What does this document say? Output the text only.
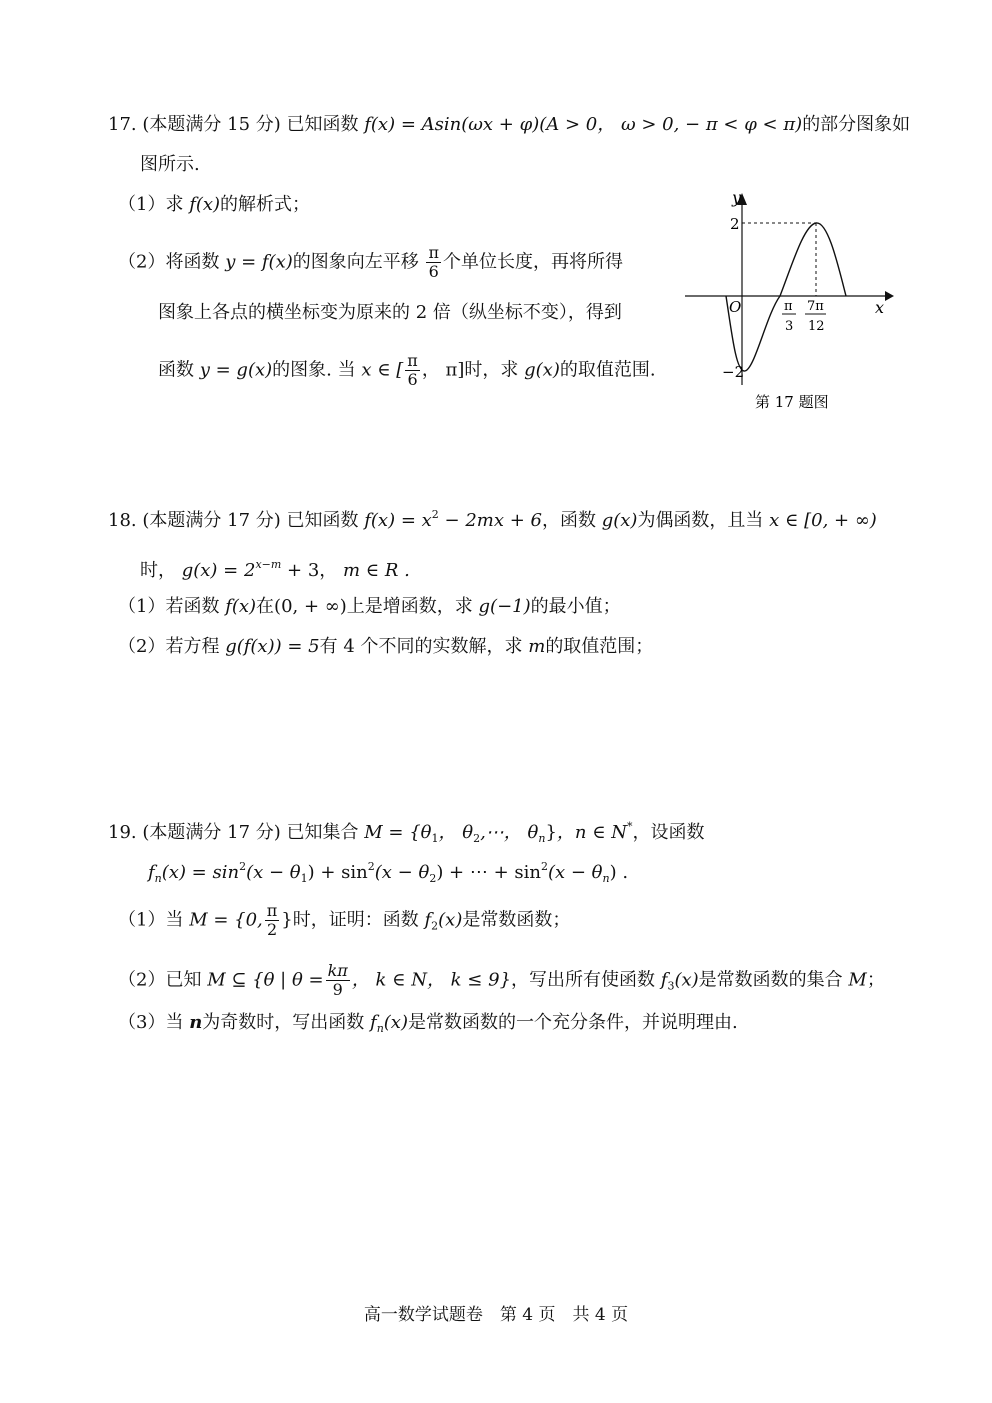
17. (本题满分 15 分) 已知函数 f(x) = Asin(ωx + φ)(A > 0， ω > 0, − π < φ < π)的部分图象如
图所示.
（1）求 f(x)的解析式；
（2）将函数 y = f(x)的图象向左平移 $\frac{\pi}{6}$ 个单位长度，再将所得
图象上各点的横坐标变为原来的 2 倍（纵坐标不变），得到
函数 y = g(x)的图象. 当 x ∈ [ $\frac{\pi}{6}$ ， π]时，求 g(x)的取值范围.
y
x
O
2
−2
π
3
7π
12
第 17 题图
18. (本题满分 17 分) 已知函数 $f(x) = x^2 - 2mx + 6$，函数 g(x)为偶函数，且当 x ∈ [0, + ∞)
时， $g(x) = 2^{x-m} + 3$， m ∈ R .
（1）若函数 f(x)在(0, + ∞)上是增函数，求 g(−1)的最小值；
（2）若方程 g(f(x)) = 5有 4 个不同的实数解，求 m的取值范围；
19. (本题满分 17 分) 已知集合 $M = \{\theta_1$， $\theta_2,\cdots$， $\theta_n$}，n ∈ N*，设函数
$f_n(x) = \sin^2(x - \theta_1) + \sin^2(x - \theta_2)$ + ⋯ + $\sin^2(x - \theta_n)$ .
（1）当 M = {0, $\frac{\pi}{2}$ }时，证明：函数 $f_2(x)$是常数函数；
（2）已知 M ⊆ {θ | $\theta = \frac{k\pi}{9}$ ， k ∈ N， k ≤ 9}，写出所有使函数 $f_3(x)$是常数函数的集合 M；
（3）当 n为奇数时，写出函数 $f_n(x)$是常数函数的一个充分条件，并说明理由.
高一数学试题卷　第 4 页　共 4 页
